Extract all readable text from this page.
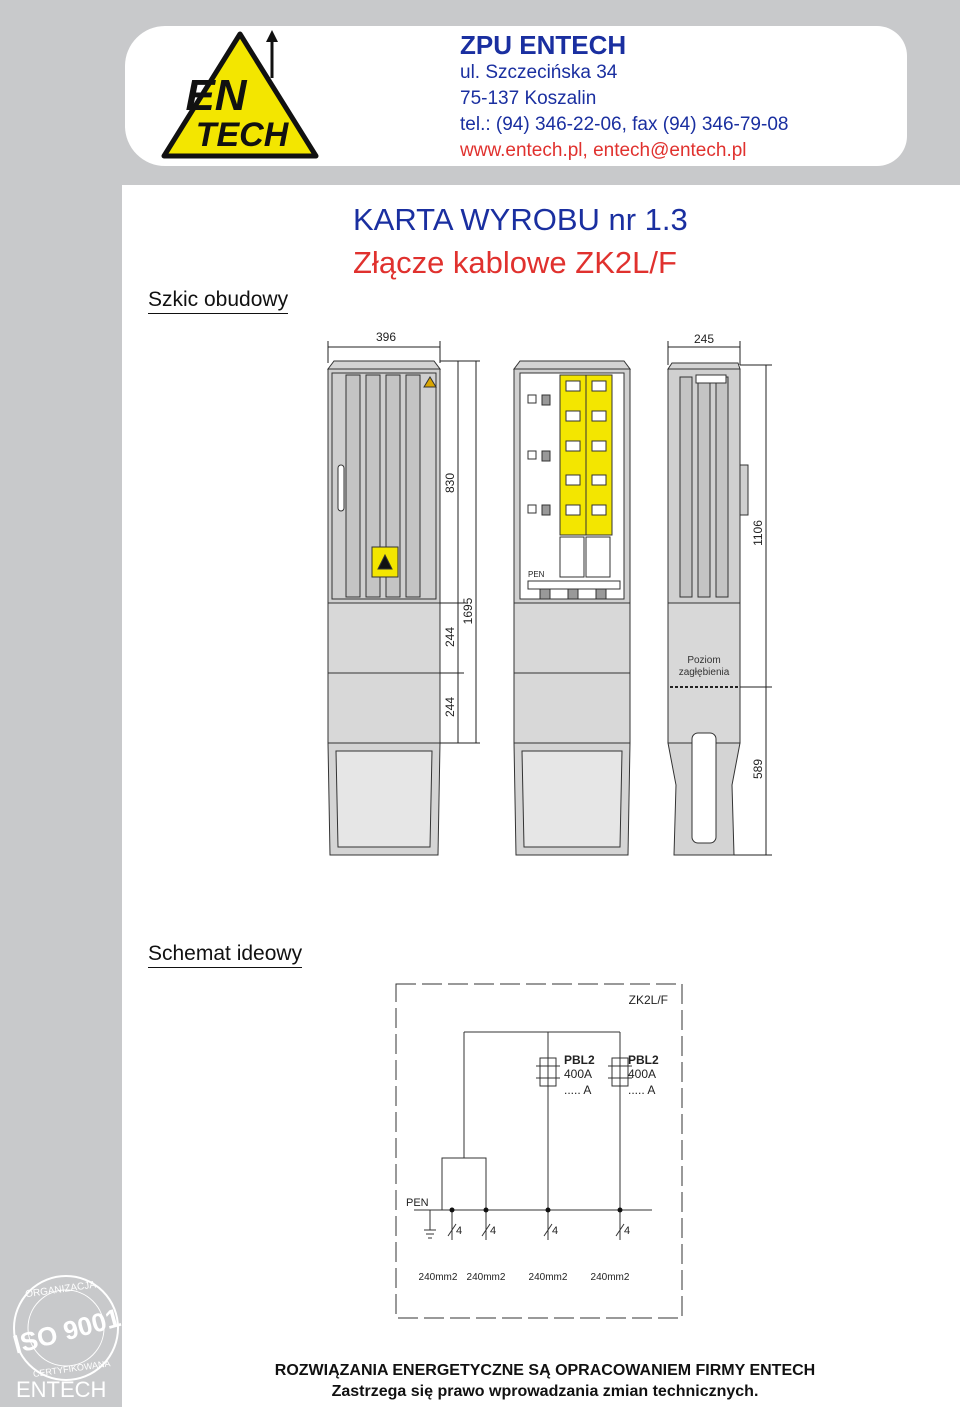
EN
TECH
ZPU ENTECH
ul. Szczecińska 34
75-137 Koszalin
tel.: (94) 346-22-06, fax (94) 346-79-08
www.entech.pl, entech@entech.pl
KARTA WYROBU nr 1.3
Złącze kablowe ZK2L/F
Szkic obudowy
Schemat ideowy
396	245
830
244
244
1695
PEN
Poziom
zagłębienia
1106
589
ZK2L/F
PBL2
400A
..... A
PBL2
400A
..... A
PEN
4	4	4	4
240mm2 240mm2 240mm2 240mm2
ORGANIZACJA
ISO 9001
CERTYFIKOWANA
ENTECH
ROZWIĄZANIA ENERGETYCZNE SĄ OPRACOWANIEM FIRMY ENTECH
Zastrzega się prawo wprowadzania zmian technicznych.
